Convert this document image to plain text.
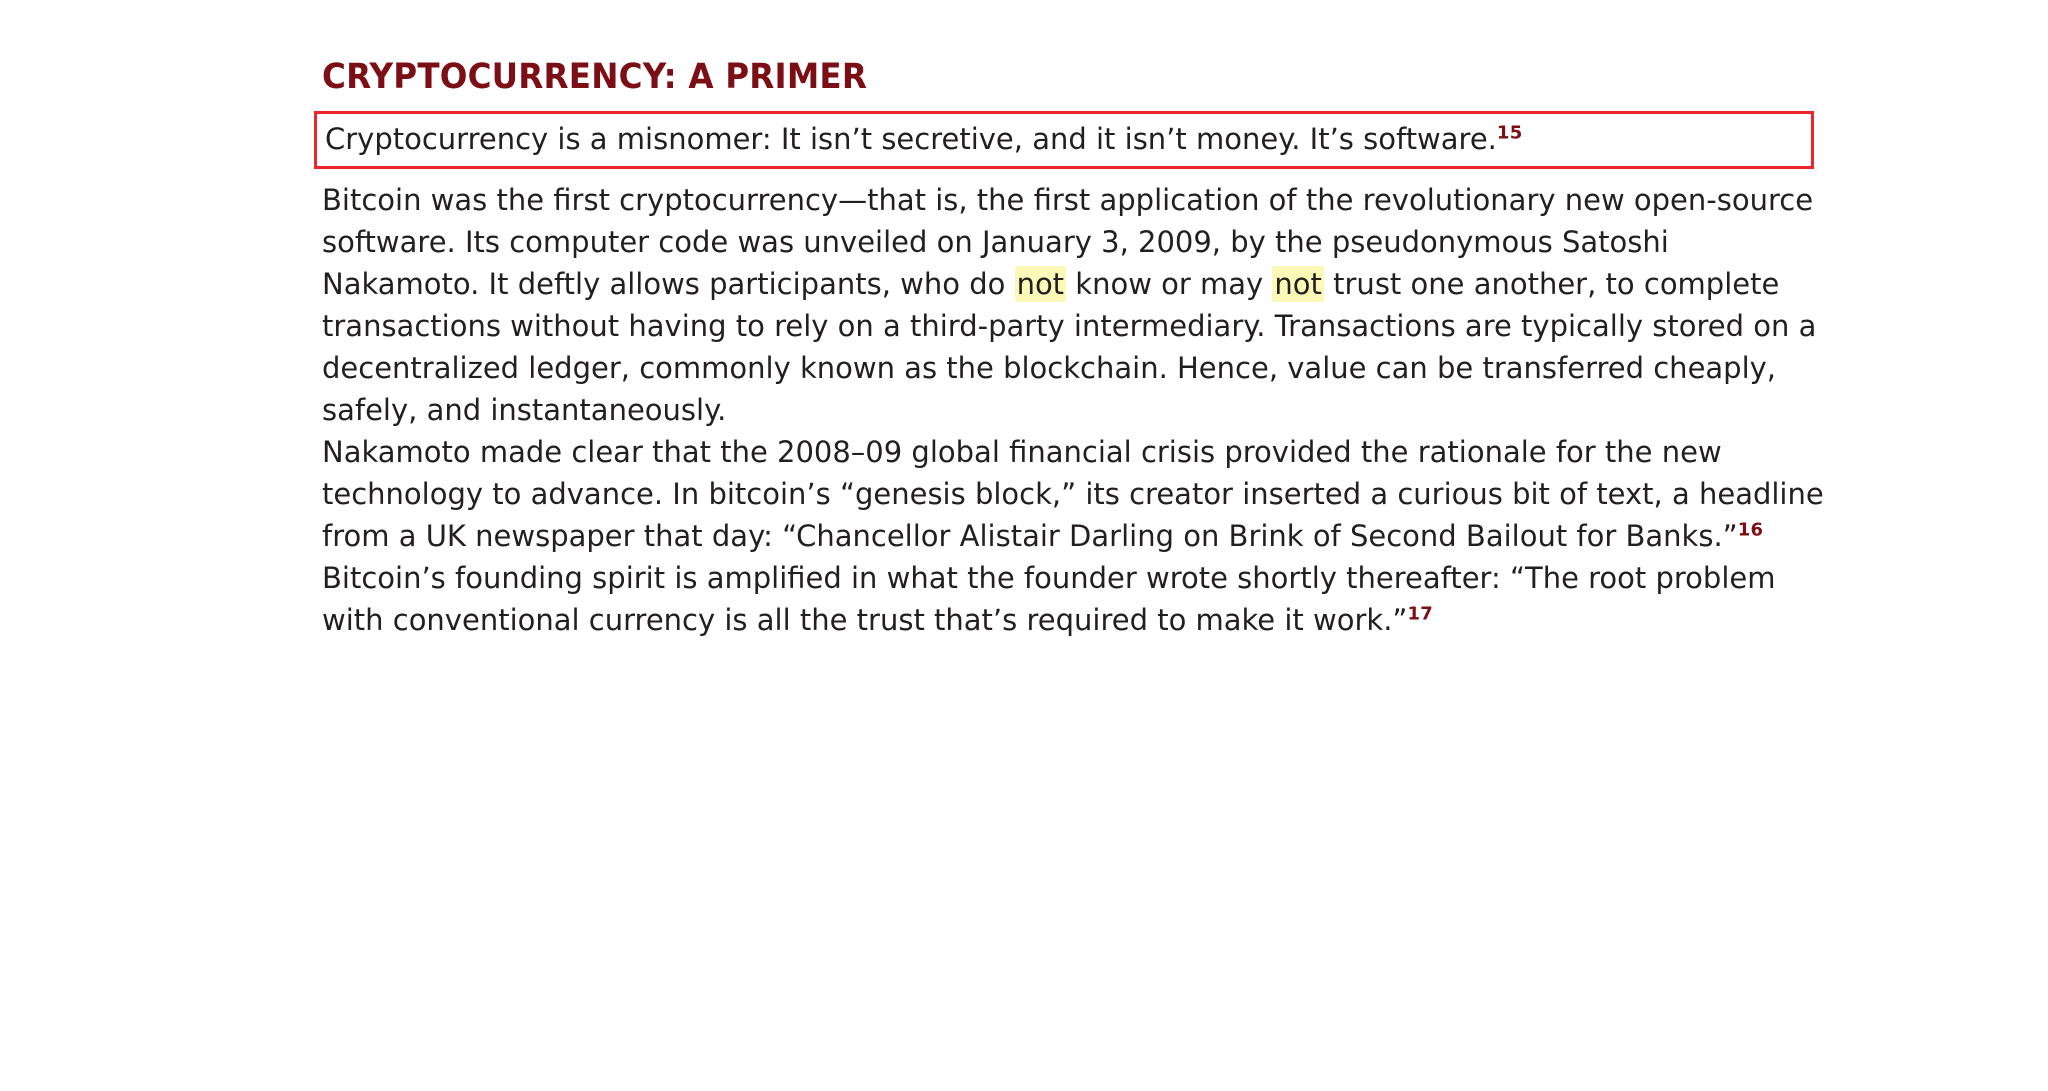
CRYPTOCURRENCY: A PRIMER

Cryptocurrency is a misnomer: It isn’t secretive, and it isn’t money. It’s software.$^{15}$

Bitcoin was the first cryptocurrency—that is, the first application of the revolutionary new open-source software. Its computer code was unveiled on January 3, 2009, by the pseudonymous Satoshi Nakamoto. It deftly allows participants, who do not know or may not trust one another, to complete transactions without having to rely on a third-party intermediary. Transactions are typically stored on a decentralized ledger, commonly known as the blockchain. Hence, value can be transferred cheaply, safely, and instantaneously.

Nakamoto made clear that the 2008–09 global financial crisis provided the rationale for the new technology to advance. In bitcoin’s “genesis block,” its creator inserted a curious bit of text, a headline from a UK newspaper that day: “Chancellor Alistair Darling on Brink of Second Bailout for Banks.”$^{16}$ Bitcoin’s founding spirit is amplified in what the founder wrote shortly thereafter: “The root problem with conventional currency is all the trust that’s required to make it work.”$^{17}$
